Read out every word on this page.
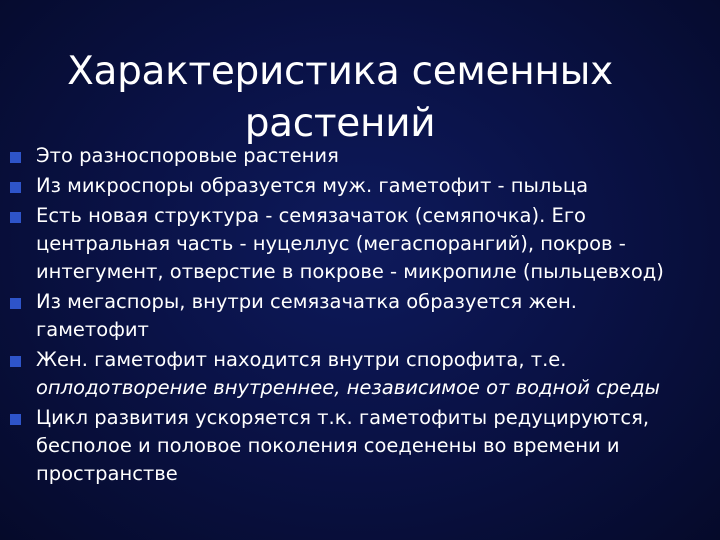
Характеристика семенных
растений
Это разноспоровые растения
Из микроспоры образуется муж. гаметофит - пыльца
Есть новая структура - семязачаток (семяпочка). Его
центральная часть - нуцеллус (мегаспорангий), покров -
интегумент, отверстие в покрове - микропиле (пыльцевход)
Из мегаспоры, внутри семязачатка образуется жен.
гаметофит
Жен. гаметофит находится внутри спорофита, т.е.
оплодотворение внутреннее, независимое от водной среды
Цикл развития ускоряется т.к. гаметофиты редуцируются,
бесполое и половое поколения соеденены во времени и
пространстве
